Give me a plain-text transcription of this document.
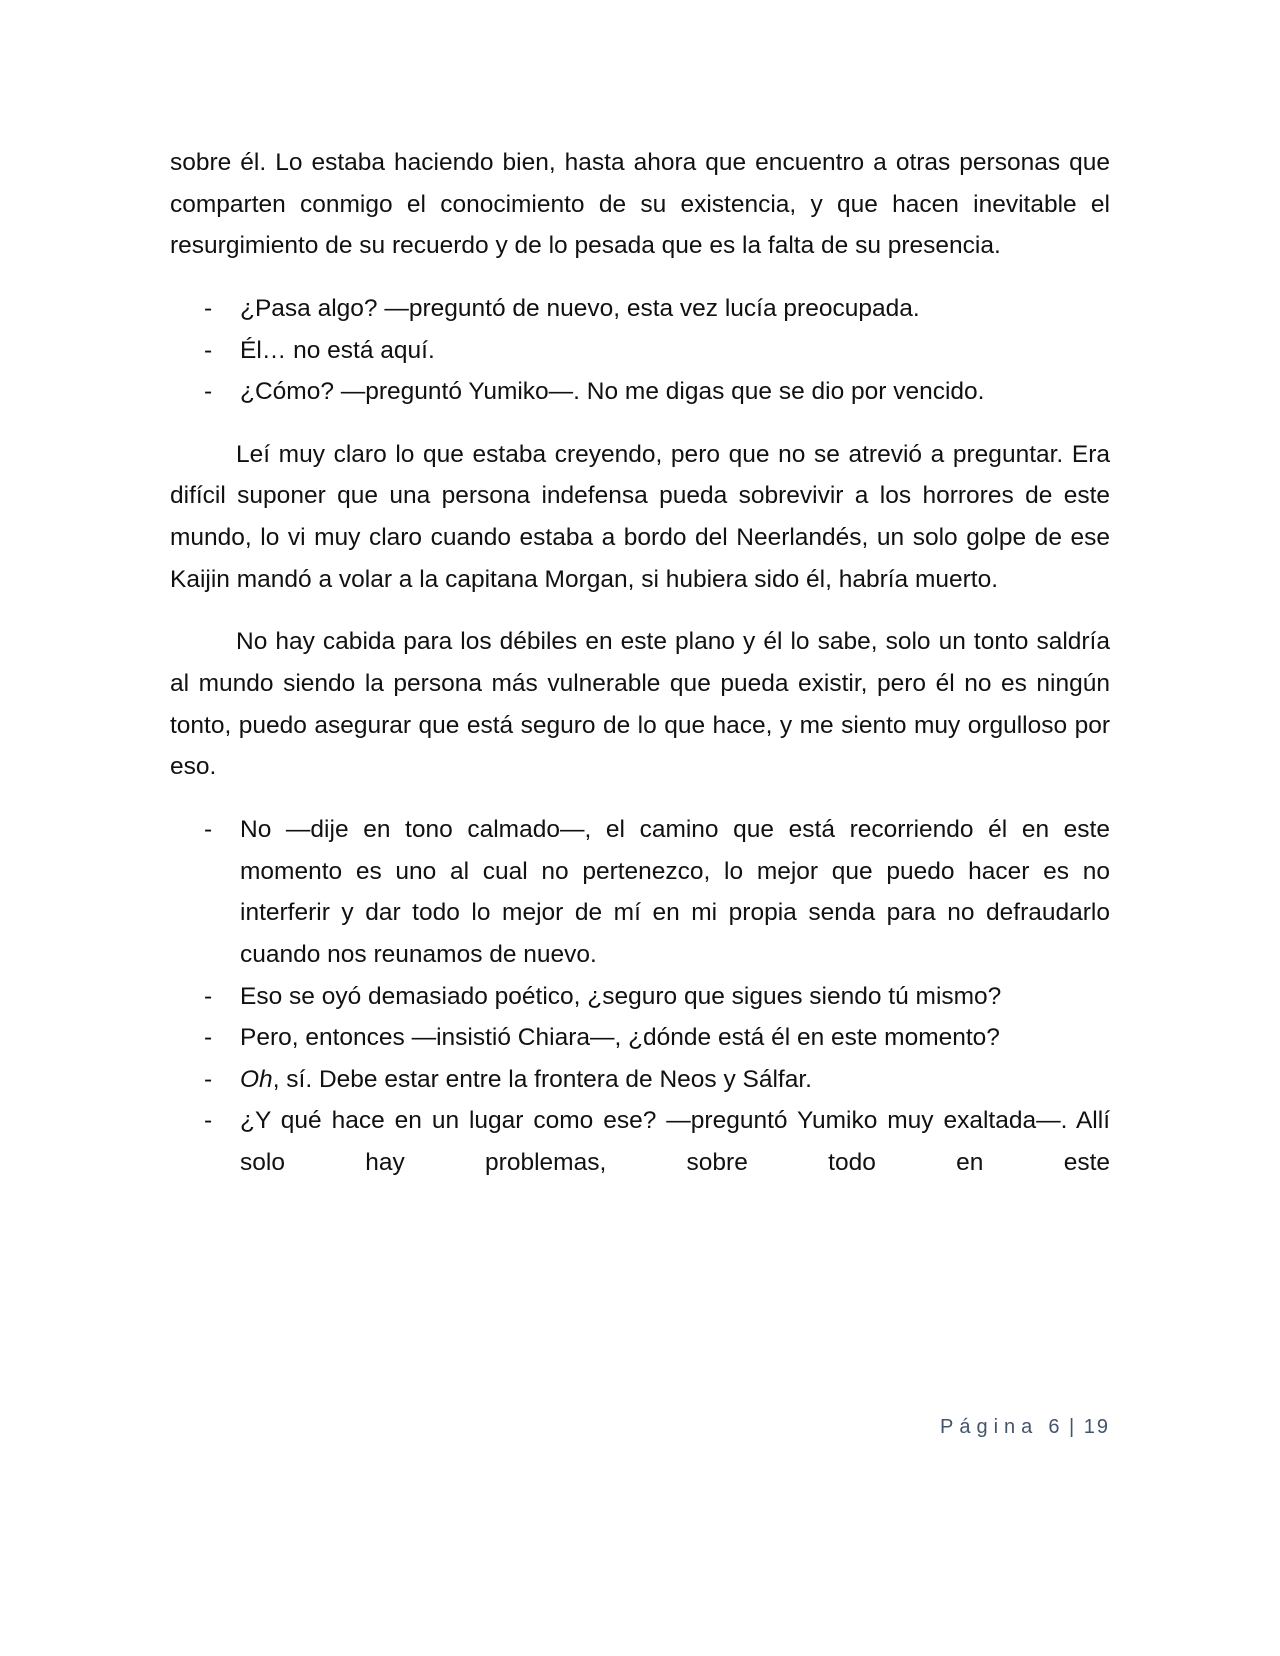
sobre él. Lo estaba haciendo bien, hasta ahora que encuentro a otras personas que comparten conmigo el conocimiento de su existencia, y que hacen inevitable el resurgimiento de su recuerdo y de lo pesada que es la falta de su presencia.

- ¿Pasa algo? —preguntó de nuevo, esta vez lucía preocupada.
- Él… no está aquí.
- ¿Cómo? —preguntó Yumiko—. No me digas que se dio por vencido.

Leí muy claro lo que estaba creyendo, pero que no se atrevió a preguntar. Era difícil suponer que una persona indefensa pueda sobrevivir a los horrores de este mundo, lo vi muy claro cuando estaba a bordo del Neerlandés, un solo golpe de ese Kaijin mandó a volar a la capitana Morgan, si hubiera sido él, habría muerto.

No hay cabida para los débiles en este plano y él lo sabe, solo un tonto saldría al mundo siendo la persona más vulnerable que pueda existir, pero él no es ningún tonto, puedo asegurar que está seguro de lo que hace, y me siento muy orgulloso por eso.

- No —dije en tono calmado—, el camino que está recorriendo él en este momento es uno al cual no pertenezco, lo mejor que puedo hacer es no interferir y dar todo lo mejor de mí en mi propia senda para no defraudarlo cuando nos reunamos de nuevo.
- Eso se oyó demasiado poético, ¿seguro que sigues siendo tú mismo?
- Pero, entonces —insistió Chiara—, ¿dónde está él en este momento?
- Oh, sí. Debe estar entre la frontera de Neos y Sálfar.
- ¿Y qué hace en un lugar como ese? —preguntó Yumiko muy exaltada—. Allí solo hay problemas, sobre todo en este
Página 6 | 19
